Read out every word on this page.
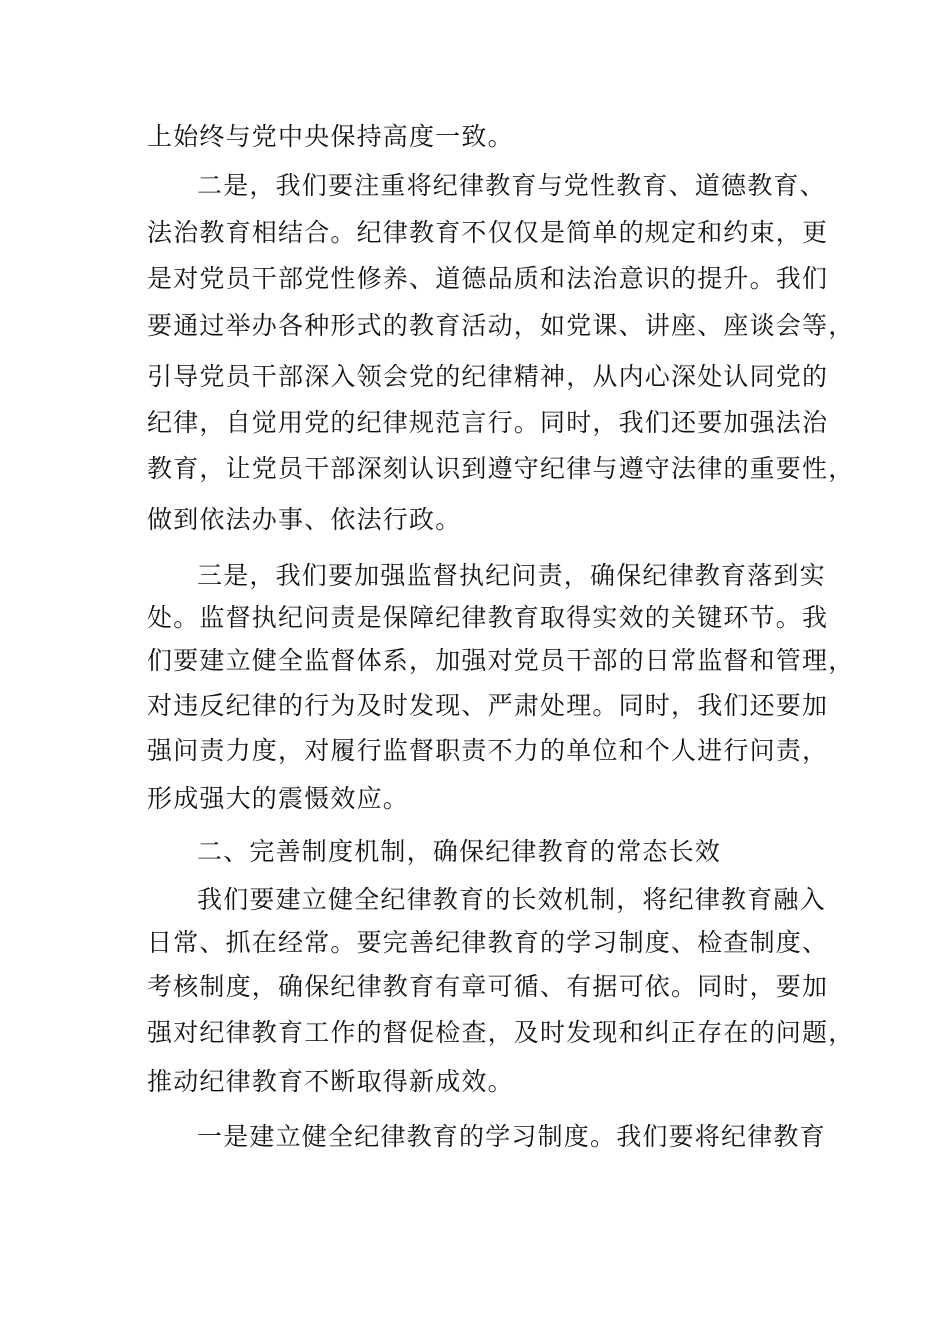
上始终与党中央保持高度一致。
二是，我们要注重将纪律教育与党性教育、道德教育、
法治教育相结合。纪律教育不仅仅是简单的规定和约束，更
是对党员干部党性修养、道德品质和法治意识的提升。我们
要通过举办各种形式的教育活动，如党课、讲座、座谈会等，
引导党员干部深入领会党的纪律精神，从内心深处认同党的
纪律，自觉用党的纪律规范言行。同时，我们还要加强法治
教育，让党员干部深刻认识到遵守纪律与遵守法律的重要性，
做到依法办事、依法行政。
三是，我们要加强监督执纪问责，确保纪律教育落到实
处。监督执纪问责是保障纪律教育取得实效的关键环节。我
们要建立健全监督体系，加强对党员干部的日常监督和管理，
对违反纪律的行为及时发现、严肃处理。同时，我们还要加
强问责力度，对履行监督职责不力的单位和个人进行问责，
形成强大的震慑效应。
二、完善制度机制，确保纪律教育的常态长效
我们要建立健全纪律教育的长效机制，将纪律教育融入
日常、抓在经常。要完善纪律教育的学习制度、检查制度、
考核制度，确保纪律教育有章可循、有据可依。同时，要加
强对纪律教育工作的督促检查，及时发现和纠正存在的问题，
推动纪律教育不断取得新成效。
一是建立健全纪律教育的学习制度。我们要将纪律教育
